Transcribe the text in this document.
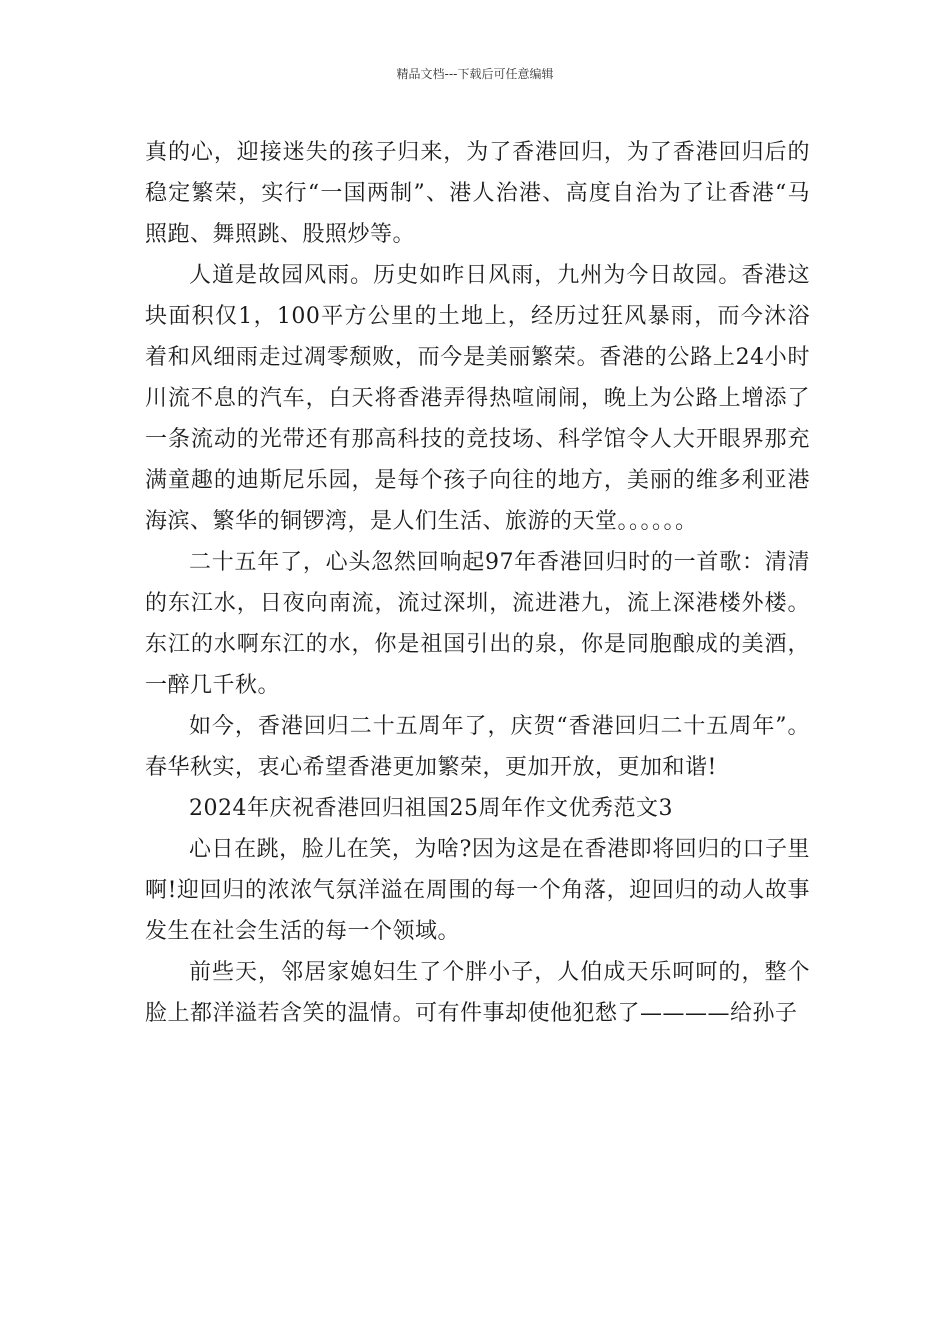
精品文档---下载后可任意编辑

真的心，迎接迷失的孩子归来，为了香港回归，为了香港回归后的稳定繁荣，实行“一国两制”、港人治港、高度自治为了让香港“马照跑、舞照跳、股照炒等。

人道是故园风雨。历史如昨日风雨，九州为今日故园。香港这块面积仅1，100平方公里的土地上，经历过狂风暴雨，而今沐浴着和风细雨走过凋零颓败，而今是美丽繁荣。香港的公路上24小时川流不息的汽车，白天将香港弄得热喧闹闹，晚上为公路上增添了一条流动的光带还有那高科技的竞技场、科学馆令人大开眼界那充满童趣的迪斯尼乐园，是每个孩子向往的地方，美丽的维多利亚港海滨、繁华的铜锣湾，是人们生活、旅游的天堂。。。。。。

二十五年了，心头忽然回响起97年香港回归时的一首歌：清清的东江水，日夜向南流，流过深圳，流进港九，流上深港楼外楼。东江的水啊东江的水，你是祖国引出的泉，你是同胞酿成的美酒，一醉几千秋。

如今，香港回归二十五周年了，庆贺“香港回归二十五周年”。春华秋实，衷心希望香港更加繁荣，更加开放，更加和谐!

2024年庆祝香港回归祖国25周年作文优秀范文3

心日在跳，脸儿在笑，为啥?因为这是在香港即将回归的口子里啊!迎回归的浓浓气氛洋溢在周围的每一个角落，迎回归的动人故事发生在社会生活的每一个领域。

前些天，邻居家媳妇生了个胖小子，人伯成天乐呵呵的，整个脸上都洋溢若含笑的温情。可有件事却使他犯愁了————给孙子
